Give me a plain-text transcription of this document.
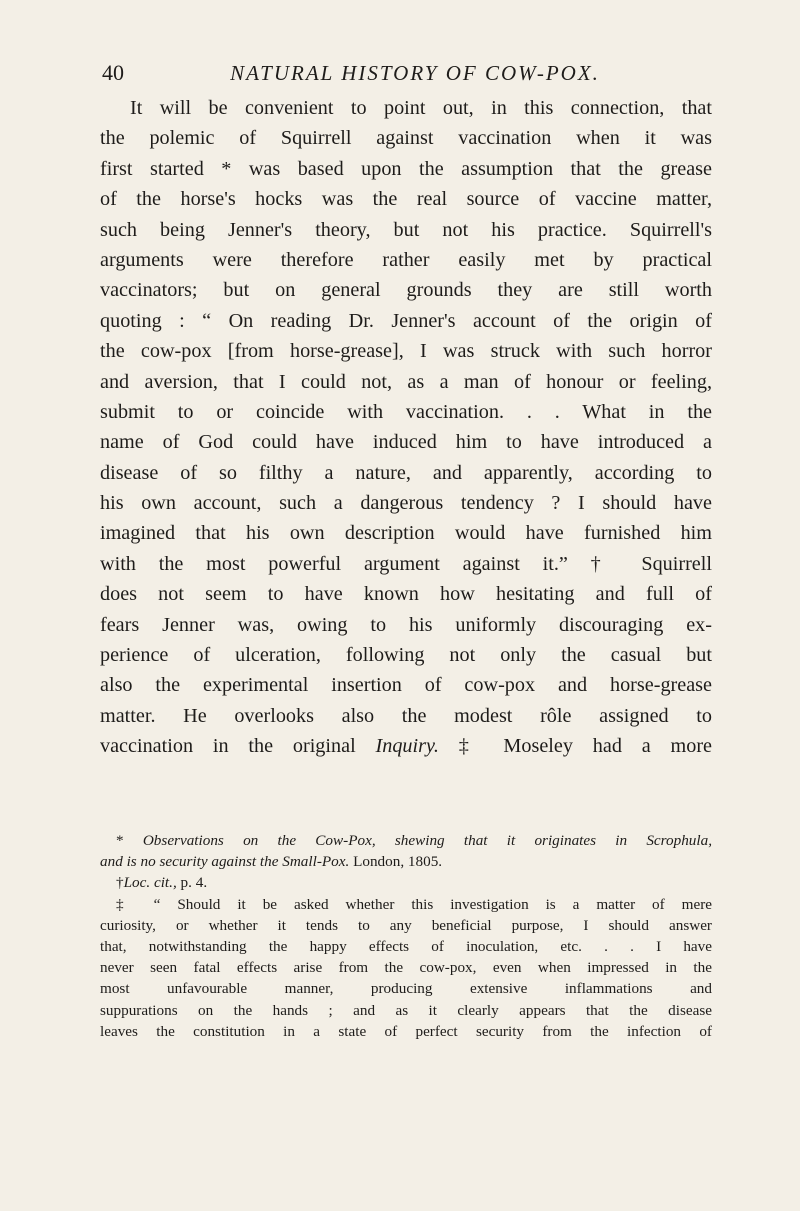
40	NATURAL HISTORY OF COW-POX.
It will be convenient to point out, in this connection, that
the polemic of Squirrell against vaccination when it was
first started * was based upon the assumption that the grease
of the horse's hocks was the real source of vaccine matter,
such being Jenner's theory, but not his practice. Squirrell's
arguments were therefore rather easily met by practical
vaccinators; but on general grounds they are still worth
quoting : “ On reading Dr. Jenner's account of the origin of
the cow-pox [from horse-grease], I was struck with such horror
and aversion, that I could not, as a man of honour or feeling,
submit to or coincide with vaccination. . . What in the
name of God could have induced him to have introduced a
disease of so filthy a nature, and apparently, according to
his own account, such a dangerous tendency ? I should have
imagined that his own description would have furnished him
with the most powerful argument against it.” † Squirrell
does not seem to have known how hesitating and full of
fears Jenner was, owing to his uniformly discouraging ex-
perience of ulceration, following not only the casual but
also the experimental insertion of cow-pox and horse-grease
matter. He overlooks also the modest rôle assigned to
vaccination in the original Inquiry. ‡ Moseley had a more
* Observations on the Cow-Pox, shewing that it originates in Scrophula,
and is no security against the Small-Pox. London, 1805.
†Loc. cit., p. 4.
‡ “ Should it be asked whether this investigation is a matter of mere
curiosity, or whether it tends to any beneficial purpose, I should answer
that, notwithstanding the happy effects of inoculation, etc. . . I have
never seen fatal effects arise from the cow-pox, even when impressed in the
most unfavourable manner, producing extensive inflammations and
suppurations on the hands ; and as it clearly appears that the disease
leaves the constitution in a state of perfect security from the infection of
